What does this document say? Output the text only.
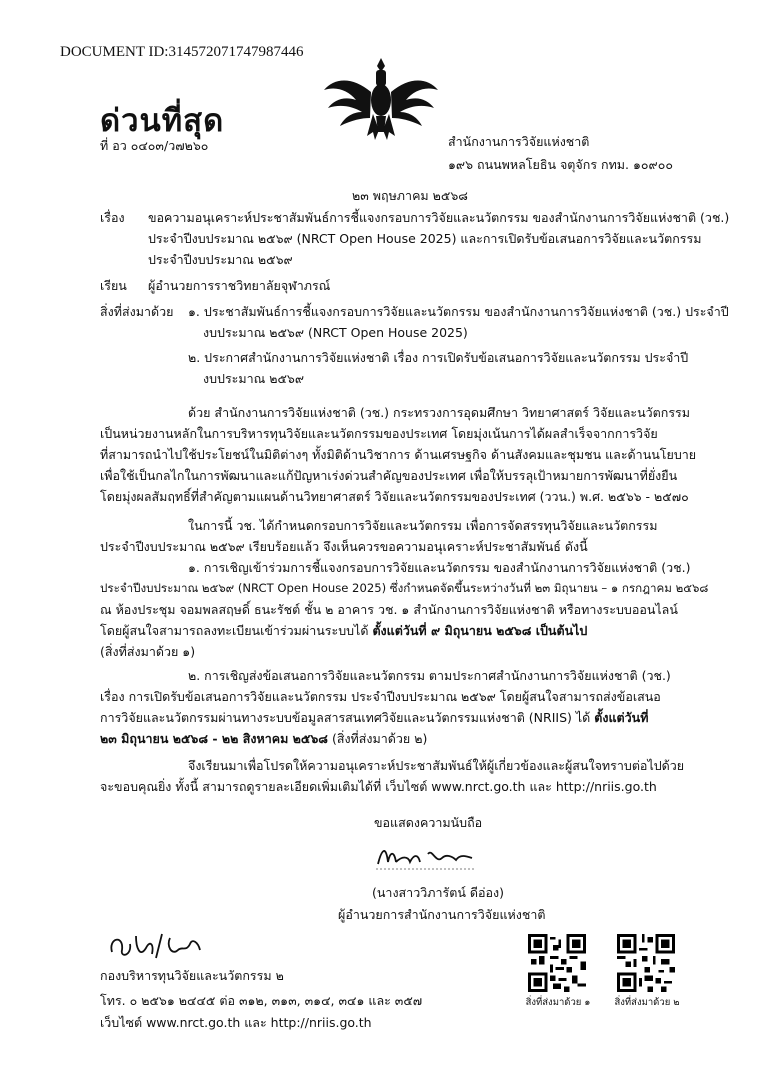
DOCUMENT ID:314572071747987446
ด่วนที่สุด
ที่ อว ๐๔๐๓/ว๗๒๖๐	สำนักงานการวิจัยแห่งชาติ
๑๙๖ ถนนพหลโยธิน จตุจักร กทม. ๑๐๙๐๐
๒๓ พฤษภาคม ๒๕๖๘
เรื่อง ขอความอนุเคราะห์ประชาสัมพันธ์การชี้แจงกรอบการวิจัยและนวัตกรรม ของสำนักงานการวิจัยแห่งชาติ (วช.)
ประจำปีงบประมาณ ๒๕๖๙ (NRCT Open House 2025) และการเปิดรับข้อเสนอการวิจัยและนวัตกรรม
ประจำปีงบประมาณ ๒๕๖๙
เรียน ผู้อำนวยการราชวิทยาลัยจุฬาภรณ์
สิ่งที่ส่งมาด้วย ๑. ประชาสัมพันธ์การชี้แจงกรอบการวิจัยและนวัตกรรม ของสำนักงานการวิจัยแห่งชาติ (วช.) ประจำปี
งบประมาณ ๒๕๖๙ (NRCT Open House 2025)
๒. ประกาศสำนักงานการวิจัยแห่งชาติ เรื่อง การเปิดรับข้อเสนอการวิจัยและนวัตกรรม ประจำปี
งบประมาณ ๒๕๖๙
ด้วย สำนักงานการวิจัยแห่งชาติ (วช.) กระทรวงการอุดมศึกษา วิทยาศาสตร์ วิจัยและนวัตกรรม
เป็นหน่วยงานหลักในการบริหารทุนวิจัยและนวัตกรรมของประเทศ โดยมุ่งเน้นการได้ผลสำเร็จจากการวิจัย
ที่สามารถนำไปใช้ประโยชน์ในมิติต่างๆ ทั้งมิติด้านวิชาการ ด้านเศรษฐกิจ ด้านสังคมและชุมชน และด้านนโยบาย
เพื่อใช้เป็นกลไกในการพัฒนาและแก้ปัญหาเร่งด่วนสำคัญของประเทศ เพื่อให้บรรลุเป้าหมายการพัฒนาที่ยั่งยืน
โดยมุ่งผลสัมฤทธิ์ที่สำคัญตามแผนด้านวิทยาศาสตร์ วิจัยและนวัตกรรมของประเทศ (ววน.) พ.ศ. ๒๕๖๖ - ๒๕๗๐
ในการนี้ วช. ได้กำหนดกรอบการวิจัยและนวัตกรรม เพื่อการจัดสรรทุนวิจัยและนวัตกรรม
ประจำปีงบประมาณ ๒๕๖๙ เรียบร้อยแล้ว จึงเห็นควรขอความอนุเคราะห์ประชาสัมพันธ์ ดังนี้
๑. การเชิญเข้าร่วมการชี้แจงกรอบการวิจัยและนวัตกรรม ของสำนักงานการวิจัยแห่งชาติ (วช.)
ประจำปีงบประมาณ ๒๕๖๙ (NRCT Open House 2025) ซึ่งกำหนดจัดขึ้นระหว่างวันที่ ๒๓ มิถุนายน – ๑ กรกฎาคม ๒๕๖๘
ณ ห้องประชุม จอมพลสฤษดิ์ ธนะรัชต์ ชั้น ๒ อาคาร วช. ๑ สำนักงานการวิจัยแห่งชาติ หรือทางระบบออนไลน์
โดยผู้สนใจสามารถลงทะเบียนเข้าร่วมผ่านระบบได้ ตั้งแต่วันที่ ๙ มิถุนายน ๒๕๖๘ เป็นต้นไป
(สิ่งที่ส่งมาด้วย ๑)
๒. การเชิญส่งข้อเสนอการวิจัยและนวัตกรรม ตามประกาศสำนักงานการวิจัยแห่งชาติ (วช.)
เรื่อง การเปิดรับข้อเสนอการวิจัยและนวัตกรรม ประจำปีงบประมาณ ๒๕๖๙ โดยผู้สนใจสามารถส่งข้อเสนอ
การวิจัยและนวัตกรรมผ่านทางระบบข้อมูลสารสนเทศวิจัยและนวัตกรรมแห่งชาติ (NRIIS) ได้ ตั้งแต่วันที่
๒๓ มิถุนายน ๒๕๖๘ - ๒๒ สิงหาคม ๒๕๖๘ (สิ่งที่ส่งมาด้วย ๒)
จึงเรียนมาเพื่อโปรดให้ความอนุเคราะห์ประชาสัมพันธ์ให้ผู้เกี่ยวข้องและผู้สนใจทราบต่อไปด้วย
จะขอบคุณยิ่ง ทั้งนี้ สามารถดูรายละเอียดเพิ่มเติมได้ที่ เว็บไซต์ www.nrct.go.th และ http://nriis.go.th
ขอแสดงความนับถือ
(นางสาววิภารัตน์ ดีอ่อง)
ผู้อำนวยการสำนักงานการวิจัยแห่งชาติ
กองบริหารทุนวิจัยและนวัตกรรม ๒
โทร. ๐ ๒๕๖๑ ๒๔๔๕ ต่อ ๓๑๒, ๓๑๓, ๓๑๔, ๓๔๑ และ ๓๕๗
เว็บไซต์ www.nrct.go.th และ http://nriis.go.th
สิ่งที่ส่งมาด้วย ๑	สิ่งที่ส่งมาด้วย ๒
